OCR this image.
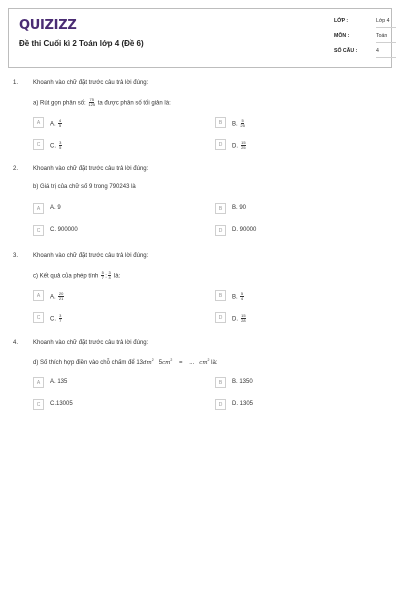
QUIZIZZ
Đề thi Cuối kì 2 Toán lớp 4 (Đề 6)
LỚP :	Lớp 4
MÔN :	Toán
SỐ CÂU :	4
1. Khoanh vào chữ đặt trước câu trả lời đúng:
a) Rút gọn phân số: $\frac{75}{125}$ ta được phân số tối giản là:
A	A. $\frac{4}{5}$	B	B. $\frac{5}{25}$
C	C. $\frac{3}{5}$	D	D. $\frac{15}{25}$
2. Khoanh vào chữ đặt trước câu trả lời đúng:
b) Giá trị của chữ số 9 trong 790243 là
A	A. 9	B	B. 90
C	C. 900000	D	D. 90000
3. Khoanh vào chữ đặt trước câu trả lời đúng:
c) Kết quả của phép tính $\frac{5}{7}$ : $\frac{3}{4}$ là:
A	A. $\frac{20}{21}$	B	B. $\frac{5}{4}$
C	C. $\frac{3}{7}$	D	D. $\frac{15}{28}$
4. Khoanh vào chữ đặt trước câu trả lời đúng:
d) Số thích hợp điền vào chỗ chấm để $13dm^2$ $5cm^2$ = ... $cm^2$ là:
A	A. 135	B	B. 1350
C	C.13005	D	D. 1305
